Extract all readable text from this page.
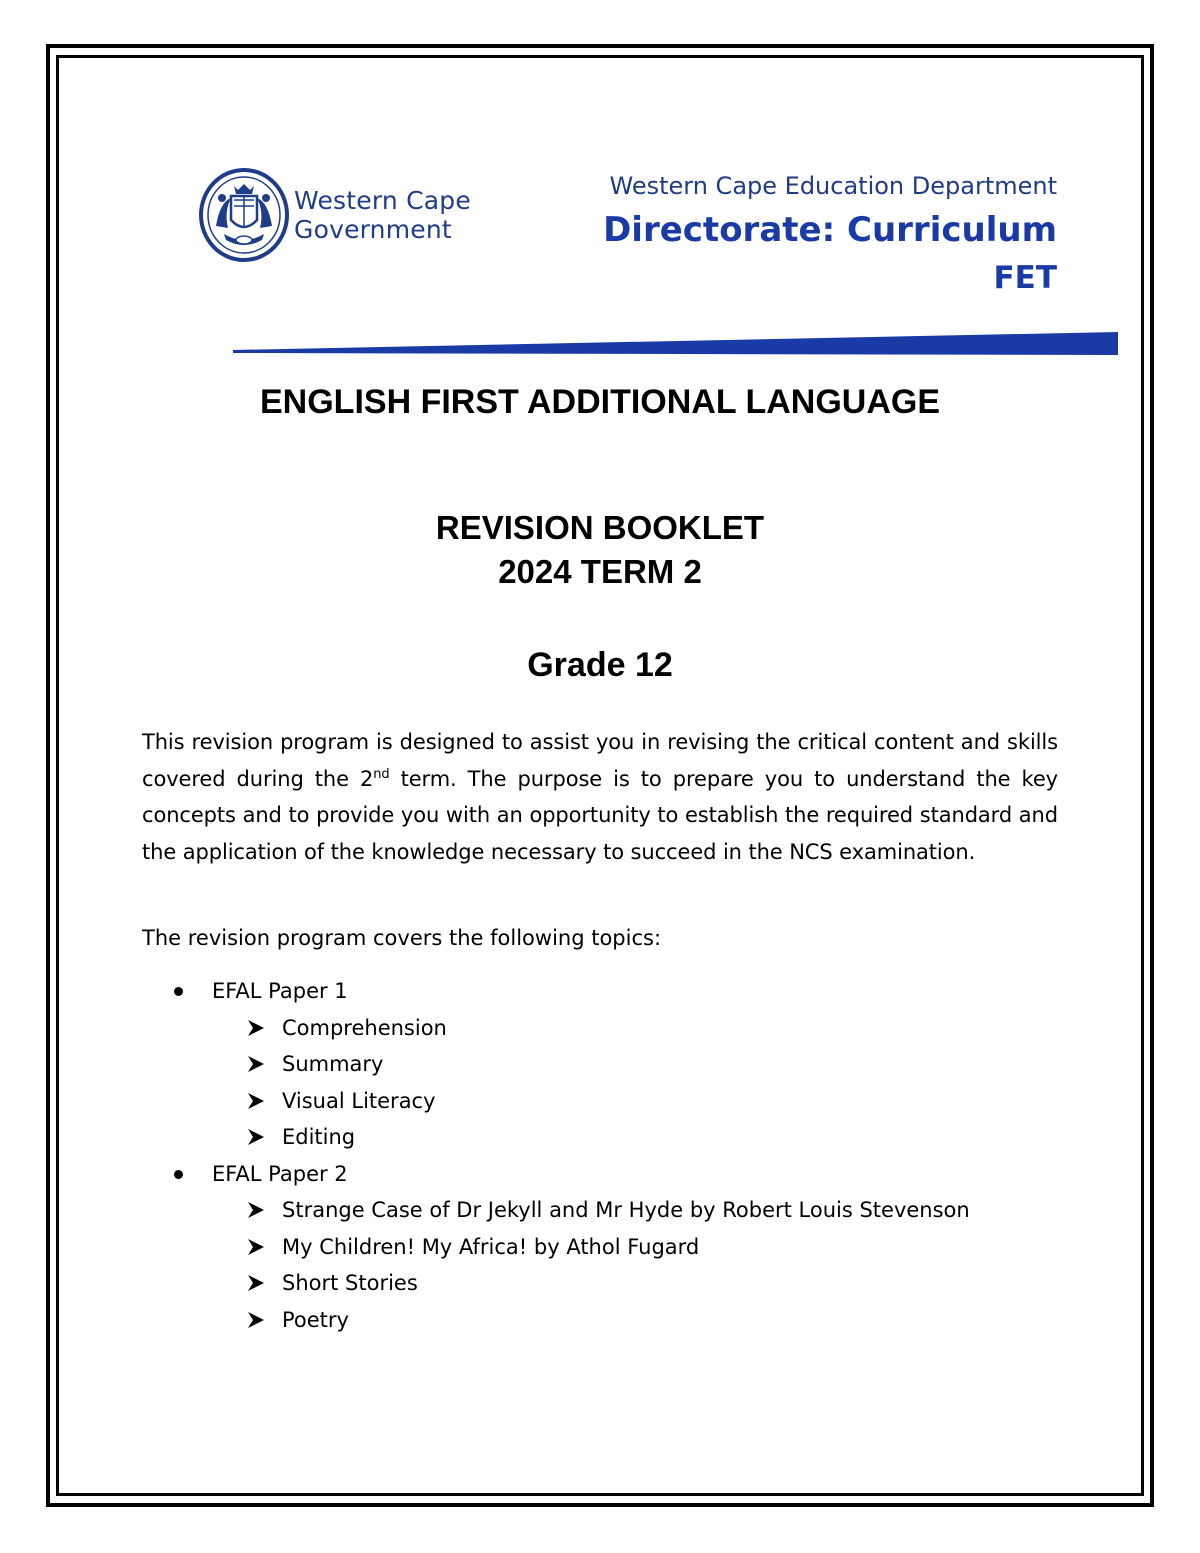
Western Cape
Government
Western Cape Education Department
Directorate: Curriculum
FET
ENGLISH FIRST ADDITIONAL LANGUAGE
REVISION BOOKLET
2024 TERM 2
Grade 12
This revision program is designed to assist you in revising the critical content and skills covered during the 2nd term. The purpose is to prepare you to understand the key concepts and to provide you with an opportunity to establish the required standard and the application of the knowledge necessary to succeed in the NCS examination.
The revision program covers the following topics:
EFAL Paper 1
Comprehension
Summary
Visual Literacy
Editing
EFAL Paper 2
Strange Case of Dr Jekyll and Mr Hyde by Robert Louis Stevenson
My Children! My Africa! by Athol Fugard
Short Stories
Poetry
